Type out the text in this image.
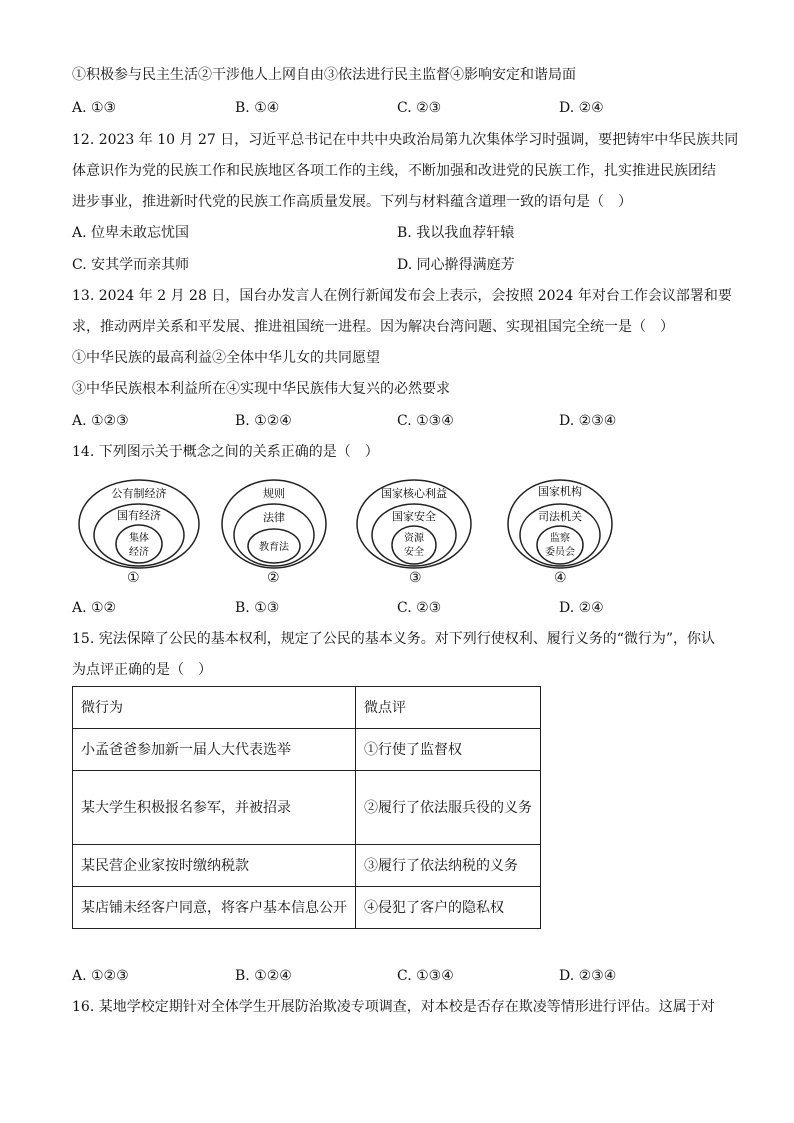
①积极参与民主生活②干涉他人上网自由③依法进行民主监督④影响安定和谐局面
A. ①③	B. ①④	C. ②③	D. ②④
12. 2023 年 10 月 27 日，习近平总书记在中共中央政治局第九次集体学习时强调，要把铸牢中华民族共同
体意识作为党的民族工作和民族地区各项工作的主线，不断加强和改进党的民族工作，扎实推进民族团结
进步事业，推进新时代党的民族工作高质量发展。下列与材料蕴含道理一致的语句是（　）
A. 位卑未敢忘忧国	B. 我以我血荐轩辕
C. 安其学而亲其师	D. 同心擀得满庭芳
13. 2024 年 2 月 28 日，国台办发言人在例行新闻发布会上表示，会按照 2024 年对台工作会议部署和要
求，推动两岸关系和平发展、推进祖国统一进程。因为解决台湾问题、实现祖国完全统一是（　）
①中华民族的最高利益②全体中华儿女的共同愿望
③中华民族根本利益所在④实现中华民族伟大复兴的必然要求
A. ①②③	B. ①②④	C. ①③④	D. ②③④
14. 下列图示关于概念之间的关系正确的是（　）
公有制经济
国有经济
集体
经济
规则
法律
教育法
国家核心利益
国家安全
资源
安全
国家机构
司法机关
监察
委员会
①	②	③	④
A. ①②	B. ①③	C. ②③	D. ②④
15. 宪法保障了公民的基本权利，规定了公民的基本义务。对下列行使权利、履行义务的“微行为”，你认
为点评正确的是（　）
微行为	微点评
小孟爸爸参加新一届人大代表选举	①行使了监督权
某大学生积极报名参军，并被招录	②履行了依法服兵役的义务
某民营企业家按时缴纳税款	③履行了依法纳税的义务
某店铺未经客户同意，将客户基本信息公开	④侵犯了客户的隐私权
A. ①②③	B. ①②④	C. ①③④	D. ②③④
16. 某地学校定期针对全体学生开展防治欺凌专项调查，对本校是否存在欺凌等情形进行评估。这属于对
